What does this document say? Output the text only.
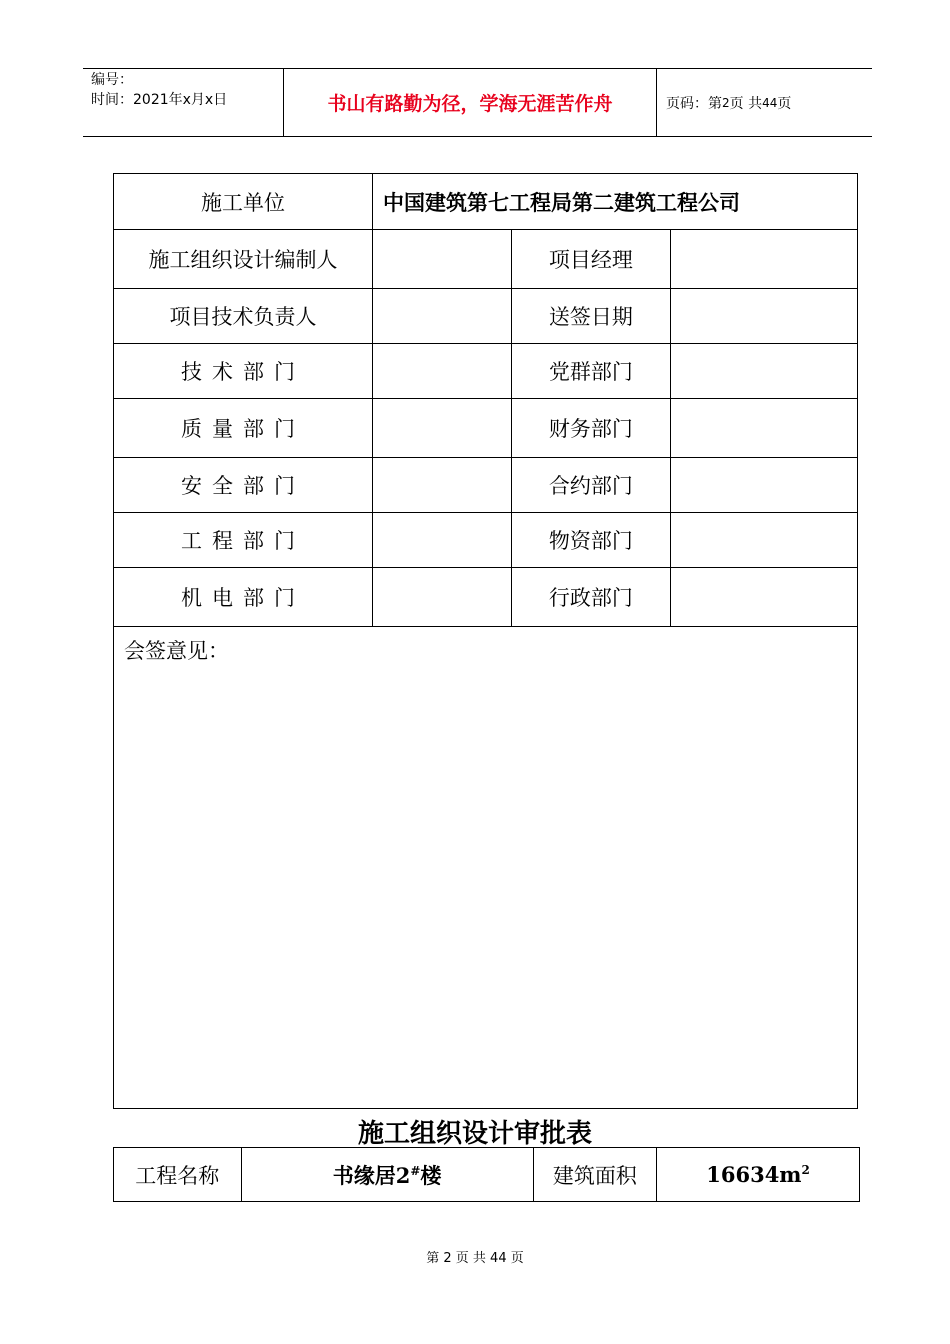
编号：
时间：2021年x月x日	书山有路勤为径，学海无涯苦作舟	页码：第 2 页 共 44 页
施工单位	中国建筑第七工程局第二建筑工程公司		
施工组织设计编制人		项目经理	
项目技术负责人		送签日期	
技术部门		党群部门	
质量部门		财务部门	
安全部门		合约部门	
工程部门		物资部门	
机电部门		行政部门	
会签意见：			
施工组织设计审批表
工程名称	书缘居2#楼	建筑面积	$16634m^2$
第 2 页 共 44 页
